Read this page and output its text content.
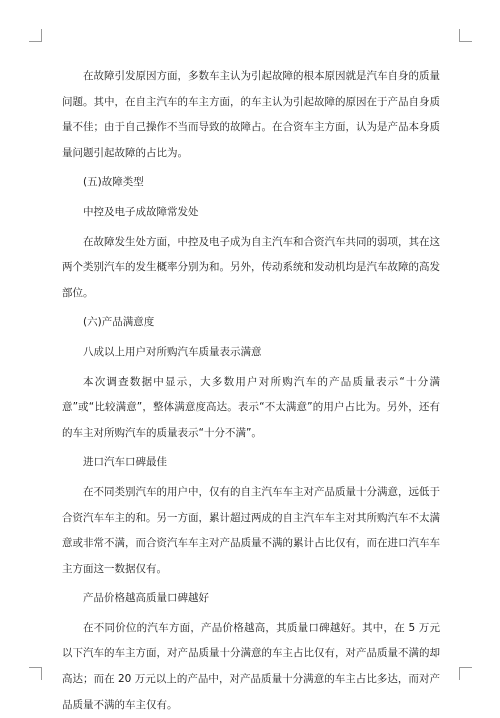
在故障引发原因方面，多数车主认为引起故障的根本原因就是汽车自身的质量问题。其中，在自主汽车的车主方面，的车主认为引起故障的原因在于产品自身质量不佳；由于自己操作不当而导致的故障占。在合资车主方面，认为是产品本身质量问题引起故障的占比为。

(五)故障类型

中控及电子成故障常发处

在故障发生处方面，中控及电子成为自主汽车和合资汽车共同的弱项，其在这两个类别汽车的发生概率分别为和。另外，传动系统和发动机均是汽车故障的高发部位。

(六)产品满意度

八成以上用户对所购汽车质量表示满意

本次调查数据中显示，大多数用户对所购汽车的产品质量表示“十分满意”或“比较满意”，整体满意度高达。表示“不太满意”的用户占比为。另外，还有的车主对所购汽车的质量表示“十分不满”。

进口汽车口碑最佳

在不同类别汽车的用户中，仅有的自主汽车车主对产品质量十分满意，远低于合资汽车车主的和。另一方面，累计超过两成的自主汽车车主对其所购汽车不太满意或非常不满，而合资汽车车主对产品质量不满的累计占比仅有，而在进口汽车车主方面这一数据仅有。

产品价格越高质量口碑越好

在不同价位的汽车方面，产品价格越高，其质量口碑越好。其中，在 5 万元以下汽车的车主方面，对产品质量十分满意的车主占比仅有，对产品质量不满的却高达；而在 20 万元以上的产品中，对产品质量十分满意的车主占比多达，而对产品质量不满的车主仅有。
